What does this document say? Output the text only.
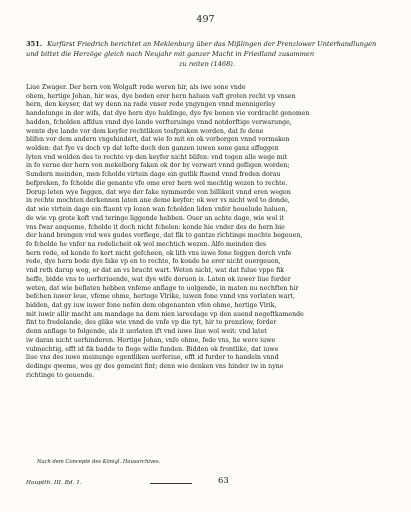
497
351. Kurfürst Friedrich berichtet an Meklenburg über das Mißlingen der Prenzlower Unterhandlungen und bittet die Herzöge gleich nach Neujahr mit ganzer Macht in Friedland zusammen
zu reiten (1468).
Liue Zwager. Der hern von Wolgaft rede weren hir, als iwe sone vnde
ohem, hertige Johan, hir was, dye boden erer hern haluen vaft groten recht vp vnsen
hern, den keyser, dat wy denn na rade vnser rede yngyngen vnnd mennigerley
handelunge in der wifs, dat dye hern dye huldinge, dye fye bonen vie vordracht genomen
hadden, fcholden affdun vnnd dye lande verfteruinge vnnd notdorftige verwarunge,
wente dye lande vor dem keyfer rechtliken tosfpraken worden, dat fe dene
blifen vor dem andern vngehindert, dat wie fo mit en ok vorborgen vnnd vormaken
wolden: dat fye vs doch vp dat lefte doch den ganzen iuwen sone ganz affeggen
lyten vnd wolden des to rechte vp den keyfer nicht blifen: vnd togen alle wege mit
in fo verne der hern von mekelborg faken ok dor by verwart vnnd gefligen worden;
Sundern meinden, men fcholde virtein dage ein gutlik ftaend vnnd freden dorau
befpreken, fo fcholde die genante vfe ome erer hern wol mechtig wezen to rechte.
Dorup leten wye feggen, dat wye der fake nymmerde von billikeit vnnd eren wegen
in rechte mochten derkennen laten ane deme keyfer; ok wer vs nicht wol to donde,
dat wie virtein dage ein ftaent vp lozen wan fcholden liden vnfer houelude haluen,
de wie vp grote koft vnd teringe liggende hebben. Ouer an achte dage, wie wol it
vns fwar anqueme, fcholde it doch nicht fchelen: konde hie vnder des de hern bie
der hand brengen vnd wes gudes vorflege, dat fik to gantze richtinge mochte begeuen,
fo fcholde he vnfer na redelicheit ok wol mechtich wezen. Alfo meinden des
hern rede, ed konde fo kort nicht gefcheen, ok lith vns iuwe fone feggen dorch vnfe
rede, dye hern bode dye fake vp en to rechte, fo konde he erer nicht ouergeuen,
vnd reth darup weg, er dat an vs bracht wart. Weten nicht, wat dat fulue vppe fik
heffe, bidde vns to uerferiuende, wat dye wife doruon is. Laten ok iuwer liue forder
weten, dat wie beflaten hebben vnfeme anflage to uolgende, in maten nu nechften hir
befchen iuwer leue, vfeme ohme, hertoge Vlrike, iuwen fone vnnd vns vorlaten wart,
bidden, dat gy iuw iuwer fone nefen dem obgenanten vfen ohme, hertige Vlrik,
mit iuwir allir macht am mandage na dem nien iaresdage vp den auend negeftkamende
fint to fredelande, des glike wie vnnd de vnfe vp die tyt, hir to prenzlow, forder
denn anflage to folgende, als it uerlaten ift vnd iuwe liue wol weit: vnd latet
iw daran nicht uerhinderen. Hertige Johan, vnfe ohme, fede vns, he were iuwe
vulmechtig, efft id fik badde to flege wille funden. Bidden ok frontlike, dat iuwe
liue vns des iuwe meinunge egentliken uerferiue, efft id furder to handeln vnnd
dedinge qweme, wes gy des gemeint fint; denn wie denken vns hinder iw in nyne
richtinge to geuende.
Nach dem Concepte des Königl. Hausarchives.
Hauptth. III. Bd. 1.	63
